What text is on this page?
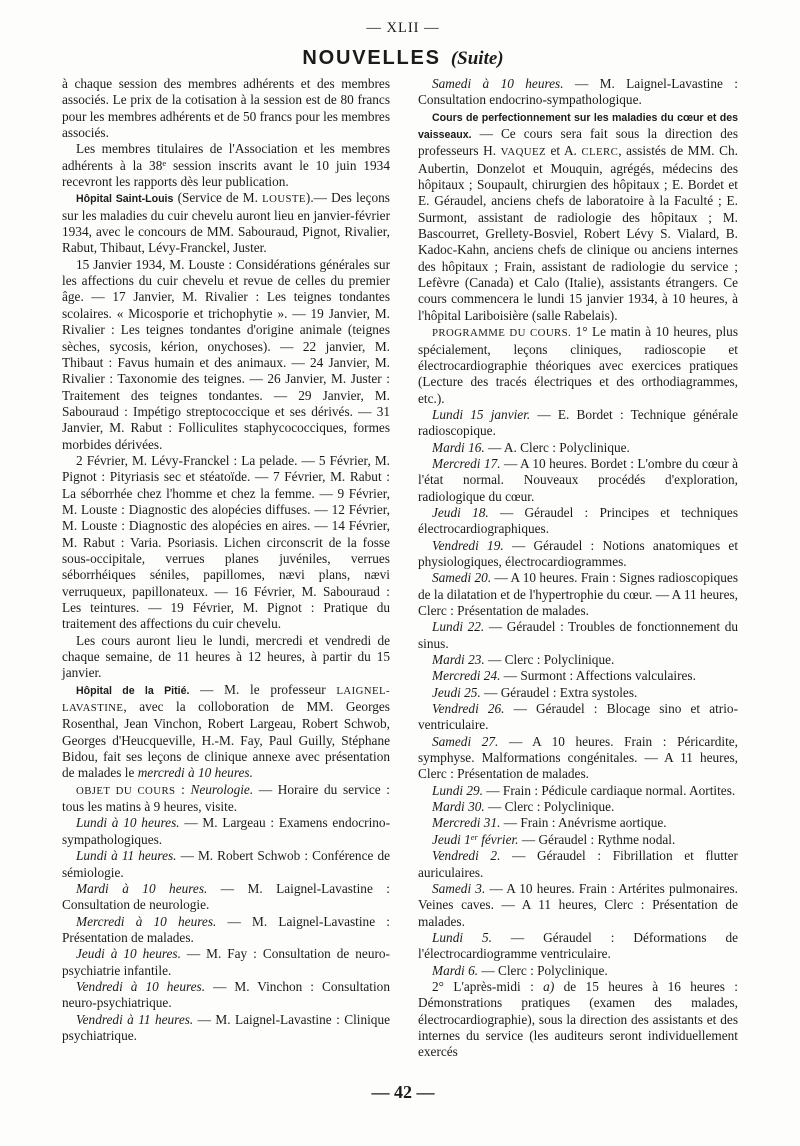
— XLII —
NOUVELLES (Suite)

à chaque session des membres adhérents et des membres associés. Le prix de la cotisation à la session est de 80 francs pour les membres adhérents et de 50 francs pour les membres associés.

Les membres titulaires de l'Association et les membres adhérents à la 38e session inscrits avant le 10 juin 1934 recevront les rapports dès leur publication.

Hôpital Saint-Louis (Service de M. LOUSTE).— Des leçons sur les maladies du cuir chevelu auront lieu en janvier-février 1934, avec le concours de MM. Sabouraud, Pignot, Rivalier, Rabut, Thibaut, Lévy-Franckel, Juster.

15 Janvier 1934, M. Louste : Considérations générales sur les affections du cuir chevelu et revue de celles du premier âge. — 17 Janvier, M. Rivalier : Les teignes tondantes scolaires. « Micosporie et trichophytie ». — 19 Janvier, M. Rivalier : Les teignes tondantes d'origine animale (teignes sèches, sycosis, kérion, onychoses). — 22 janvier, M. Thibaut : Favus humain et des animaux. — 24 Janvier, M. Rivalier : Taxonomie des teignes. — 26 Janvier, M. Juster : Traitement des teignes tondantes. — 29 Janvier, M. Sabouraud : Impétigo streptococcique et ses dérivés. — 31 Janvier, M. Rabut : Folliculites staphycococciques, formes morbides dérivées.

2 Février, M. Lévy-Franckel : La pelade. — 5 Février, M. Pignot : Pityriasis sec et stéatoïde. — 7 Février, M. Rabut : La séborrhée chez l'homme et chez la femme. — 9 Février, M. Louste : Diagnostic des alopécies diffuses. — 12 Février, M. Louste : Diagnostic des alopécies en aires. — 14 Février, M. Rabut : Varia. Psoriasis. Lichen circonscrit de la fosse sous-occipitale, verrues planes juvéniles, verrues séborrhéiques séniles, papillomes, nævi plans, nævi verruqueux, papillonateux. — 16 Février, M. Sabouraud : Les teintures. — 19 Février, M. Pignot : Pratique du traitement des affections du cuir chevelu.

Les cours auront lieu le lundi, mercredi et vendredi de chaque semaine, de 11 heures à 12 heures, à partir du 15 janvier.

Hôpital de la Pitié. — M. le professeur LAIGNEL-LAVASTINE, avec la colloboration de MM. Georges Rosenthal, Jean Vinchon, Robert Largeau, Robert Schwob, Georges d'Heucqueville, H.-M. Fay, Paul Guilly, Stéphane Bidou, fait ses leçons de clinique annexe avec présentation de malades le mercredi à 10 heures.

OBJET DU COURS : Neurologie. — Horaire du service : tous les matins à 9 heures, visite.

Lundi à 10 heures. — M. Largeau : Examens endocrino-sympathologiques.

Lundi à 11 heures. — M. Robert Schwob : Conférence de sémiologie.

Mardi à 10 heures. — M. Laignel-Lavastine : Consultation de neurologie.

Mercredi à 10 heures. — M. Laignel-Lavastine : Présentation de malades.

Jeudi à 10 heures. — M. Fay : Consultation de neuro-psychiatrie infantile.

Vendredi à 10 heures. — M. Vinchon : Consultation neuro-psychiatrique.

Vendredi à 11 heures. — M. Laignel-Lavastine : Clinique psychiatrique.

Samedi à 10 heures. — M. Laignel-Lavastine : Consultation endocrino-sympathologique.

Cours de perfectionnement sur les maladies du cœur et des vaisseaux. — Ce cours sera fait sous la direction des professeurs H. VAQUEZ et A. CLERC, assistés de MM. Ch. Aubertin, Donzelot et Mouquin, agrégés, médecins des hôpitaux ; Soupault, chirurgien des hôpitaux ; E. Bordet et E. Géraudel, anciens chefs de laboratoire à la Faculté ; E. Surmont, assistant de radiologie des hôpitaux ; M. Bascourret, Grellety-Bosviel, Robert Lévy S. Vialard, B. Kadoc-Kahn, anciens chefs de clinique ou anciens internes des hôpitaux ; Frain, assistant de radiologie du service ; Lefèvre (Canada) et Calo (Italie), assistants étrangers. Ce cours commencera le lundi 15 janvier 1934, à 10 heures, à l'hôpital Lariboisière (salle Rabelais).

PROGRAMME DU COURS. 1° Le matin à 10 heures, plus spécialement, leçons cliniques, radioscopie et électrocardiographie théoriques avec exercices pratiques (Lecture des tracés électriques et des orthodiagrammes, etc.).

Lundi 15 janvier. — E. Bordet : Technique générale radioscopique.

Mardi 16. — A. Clerc : Polyclinique.

Mercredi 17. — A 10 heures. Bordet : L'ombre du cœur à l'état normal. Nouveaux procédés d'exploration, radiologique du cœur.

Jeudi 18. — Géraudel : Principes et techniques électrocardiographiques.

Vendredi 19. — Géraudel : Notions anatomiques et physiologiques, électrocardiogrammes.

Samedi 20. — A 10 heures. Frain : Signes radioscopiques de la dilatation et de l'hypertrophie du cœur. — A 11 heures, Clerc : Présentation de malades.

Lundi 22. — Géraudel : Troubles de fonctionnement du sinus.

Mardi 23. — Clerc : Polyclinique.

Mercredi 24. — Surmont : Affections valculaires.

Jeudi 25. — Géraudel : Extra systoles.

Vendredi 26. — Géraudel : Blocage sino et atrio-ventriculaire.

Samedi 27. — A 10 heures. Frain : Péricardite, symphyse. Malformations congénitales. — A 11 heures, Clerc : Présentation de malades.

Lundi 29. — Frain : Pédicule cardiaque normal. Aortites.

Mardi 30. — Clerc : Polyclinique.

Mercredi 31. — Frain : Anévrisme aortique.

Jeudi 1er février. — Géraudel : Rythme nodal.

Vendredi 2. — Géraudel : Fibrillation et flutter auriculaires.

Samedi 3. — A 10 heures. Frain : Artérites pulmonaires. Veines caves. — A 11 heures, Clerc : Présentation de malades.

Lundi 5. — Géraudel : Déformations de l'électrocardiogramme ventriculaire.

Mardi 6. — Clerc : Polyclinique.

2° L'après-midi : a) de 15 heures à 16 heures : Démonstrations pratiques (examen des malades, électrocardiographie), sous la direction des assistants et des internes du service (les auditeurs seront individuellement exercés

— 42 —
